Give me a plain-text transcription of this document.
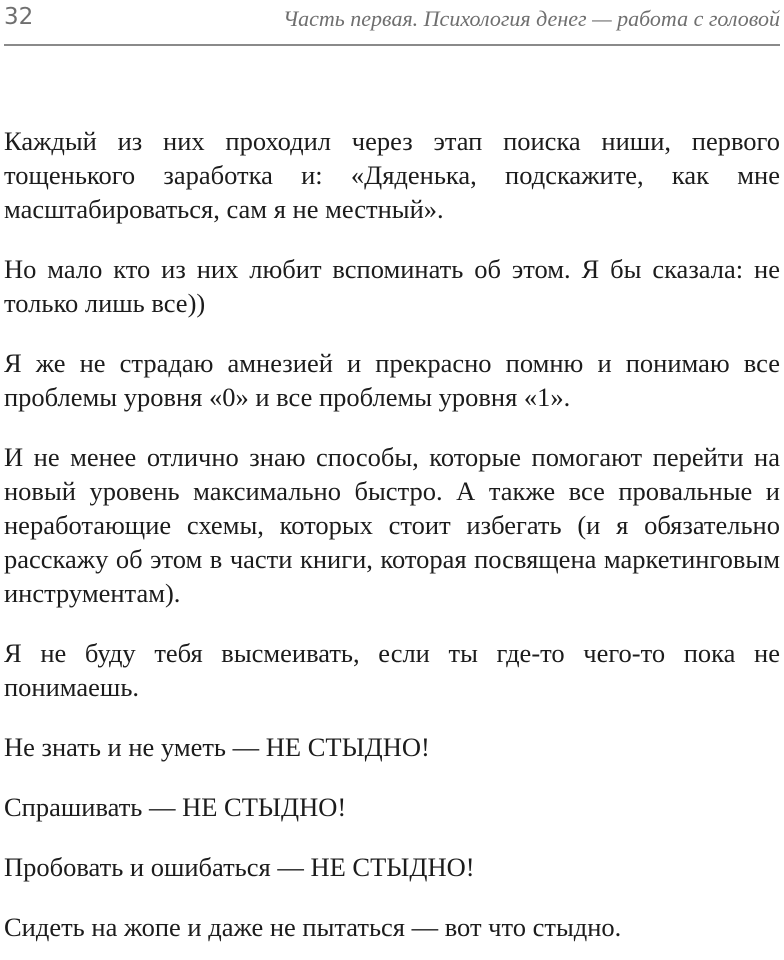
32	Часть первая. Психология денег — работа с головой

Каждый из них проходил через этап поиска ниши, первого тощенького заработка и: «Дяденька, подскажите, как мне масштабироваться, сам я не местный».

Но мало кто из них любит вспоминать об этом. Я бы сказала: не только лишь все))

Я же не страдаю амнезией и прекрасно помню и понимаю все проблемы уровня «0» и все проблемы уровня «1».

И не менее отлично знаю способы, которые помогают перейти на новый уровень максимально быстро. А также все провальные и неработающие схемы, которых стоит избегать (и я обязательно расскажу об этом в части книги, которая посвящена маркетинговым инструментам).

Я не буду тебя высмеивать, если ты где-то чего-то пока не понимаешь.

Не знать и не уметь — НЕ СТЫДНО!

Спрашивать — НЕ СТЫДНО!

Пробовать и ошибаться — НЕ СТЫДНО!

Сидеть на жопе и даже не пытаться — вот что стыдно.
